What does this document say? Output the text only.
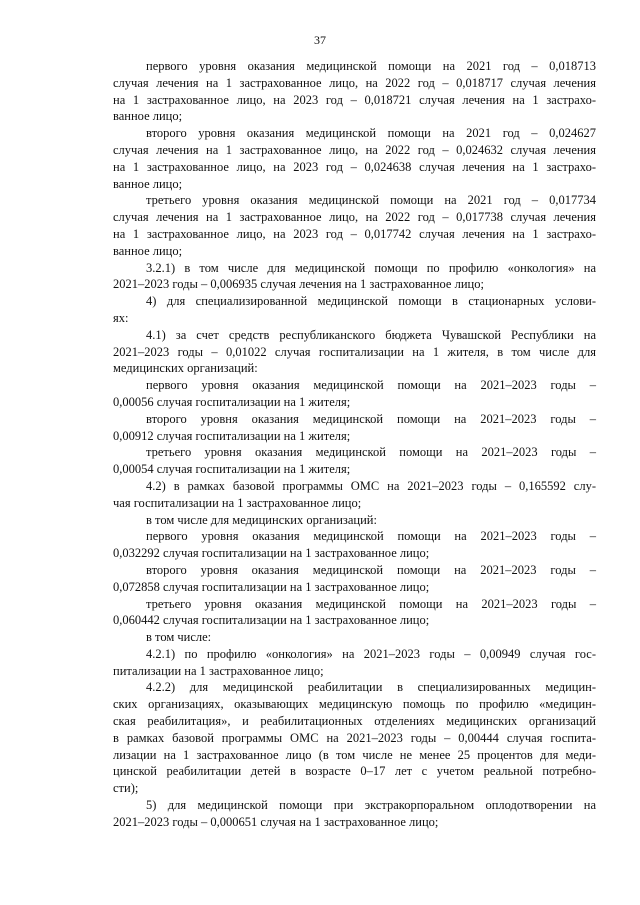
37
первого уровня оказания медицинской помощи на 2021 год – 0,018713
случая лечения на 1 застрахованное лицо, на 2022 год – 0,018717 случая лечения
на 1 застрахованное лицо, на 2023 год – 0,018721 случая лечения на 1 застрахо-
ванное лицо;
второго уровня оказания медицинской помощи на 2021 год – 0,024627
случая лечения на 1 застрахованное лицо, на 2022 год – 0,024632 случая лечения
на 1 застрахованное лицо, на 2023 год – 0,024638 случая лечения на 1 застрахо-
ванное лицо;
третьего уровня оказания медицинской помощи на 2021 год – 0,017734
случая лечения на 1 застрахованное лицо, на 2022 год – 0,017738 случая лечения
на 1 застрахованное лицо, на 2023 год – 0,017742 случая лечения на 1 застрахо-
ванное лицо;
3.2.1) в том числе для медицинской помощи по профилю «онкология» на
2021–2023 годы – 0,006935 случая лечения на 1 застрахованное лицо;
4) для специализированной медицинской помощи в стационарных услови-
ях:
4.1) за счет средств республиканского бюджета Чувашской Республики на
2021–2023 годы – 0,01022 случая госпитализации на 1 жителя, в том числе для
медицинских организаций:
первого уровня оказания медицинской помощи на 2021–2023 годы –
0,00056 случая госпитализации на 1 жителя;
второго уровня оказания медицинской помощи на 2021–2023 годы –
0,00912 случая госпитализации на 1 жителя;
третьего уровня оказания медицинской помощи на 2021–2023 годы –
0,00054 случая госпитализации на 1 жителя;
4.2) в рамках базовой программы ОМС на 2021–2023 годы – 0,165592 слу-
чая госпитализации на 1 застрахованное лицо;
в том числе для медицинских организаций:
первого уровня оказания медицинской помощи на 2021–2023 годы –
0,032292 случая госпитализации на 1 застрахованное лицо;
второго уровня оказания медицинской помощи на 2021–2023 годы –
0,072858 случая госпитализации на 1 застрахованное лицо;
третьего уровня оказания медицинской помощи на 2021–2023 годы –
0,060442 случая госпитализации на 1 застрахованное лицо;
в том числе:
4.2.1) по профилю «онкология» на 2021–2023 годы – 0,00949 случая гос-
питализации на 1 застрахованное лицо;
4.2.2) для медицинской реабилитации в специализированных медицин-
ских организациях, оказывающих медицинскую помощь по профилю «медицин-
ская реабилитация», и реабилитационных отделениях медицинских организаций
в рамках базовой программы ОМС на 2021–2023 годы – 0,00444 случая госпита-
лизации на 1 застрахованное лицо (в том числе не менее 25 процентов для меди-
цинской реабилитации детей в возрасте 0–17 лет с учетом реальной потребно-
сти);
5) для медицинской помощи при экстракорпоральном оплодотворении на
2021–2023 годы – 0,000651 случая на 1 застрахованное лицо;
